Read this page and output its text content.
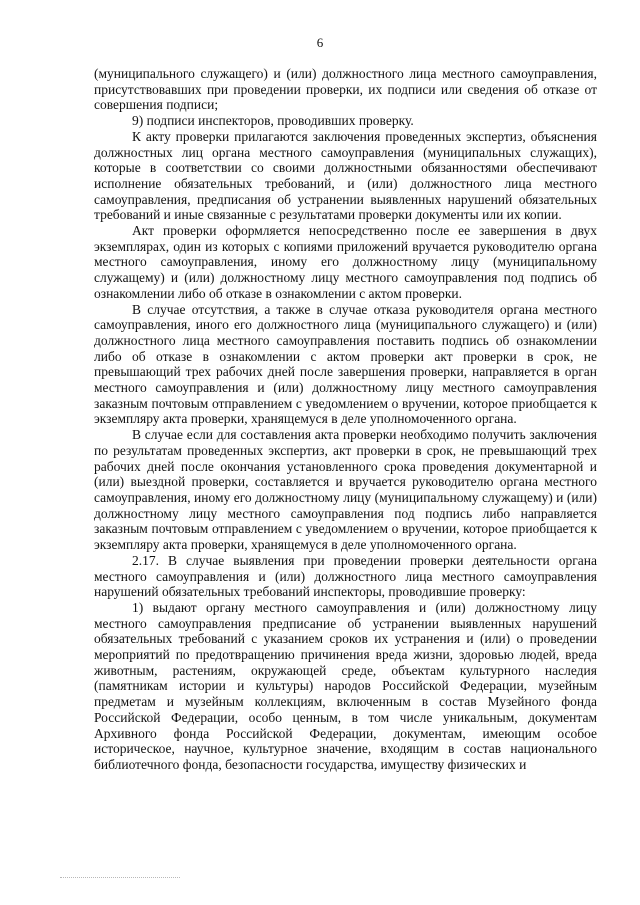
6

(муниципального служащего) и (или) должностного лица местного самоуправления, присутствовавших при проведении проверки, их подписи или сведения об отказе от совершения подписи;

9) подписи инспекторов, проводивших проверку.

К акту проверки прилагаются заключения проведенных экспертиз, объяснения должностных лиц органа местного самоуправления (муниципальных служащих), которые в соответствии со своими должностными обязанностями обеспечивают исполнение обязательных требований, и (или) должностного лица местного самоуправления, предписания об устранении выявленных нарушений обязательных требований и иные связанные с результатами проверки документы или их копии.

Акт проверки оформляется непосредственно после ее завершения в двух экземплярах, один из которых с копиями приложений вручается руководителю органа местного самоуправления, иному его должностному лицу (муниципальному служащему) и (или) должностному лицу местного самоуправления под подпись об ознакомлении либо об отказе в ознакомлении с актом проверки.

В случае отсутствия, а также в случае отказа руководителя органа местного самоуправления, иного его должностного лица (муниципального служащего) и (или) должностного лица местного самоуправления поставить подпись об ознакомлении либо об отказе в ознакомлении с актом проверки акт проверки в срок, не превышающий трех рабочих дней после завершения проверки, направляется в орган местного самоуправления и (или) должностному лицу местного самоуправления заказным почтовым отправлением с уведомлением о вручении, которое приобщается к экземпляру акта проверки, хранящемуся в деле уполномоченного органа.

В случае если для составления акта проверки необходимо получить заключения по результатам проведенных экспертиз, акт проверки в срок, не превышающий трех рабочих дней после окончания установленного срока проведения документарной и (или) выездной проверки, составляется и вручается руководителю органа местного самоуправления, иному его должностному лицу (муниципальному служащему) и (или) должностному лицу местного самоуправления под подпись либо направляется заказным почтовым отправлением с уведомлением о вручении, которое приобщается к экземпляру акта проверки, хранящемуся в деле уполномоченного органа.

2.17. В случае выявления при проведении проверки деятельности органа местного самоуправления и (или) должностного лица местного самоуправления нарушений обязательных требований инспекторы, проводившие проверку:

1) выдают органу местного самоуправления и (или) должностному лицу местного самоуправления предписание об устранении выявленных нарушений обязательных требований с указанием сроков их устранения и (или) о проведении мероприятий по предотвращению причинения вреда жизни, здоровью людей, вреда животным, растениям, окружающей среде, объектам культурного наследия (памятникам истории и культуры) народов Российской Федерации, музейным предметам и музейным коллекциям, включенным в состав Музейного фонда Российской Федерации, особо ценным, в том числе уникальным, документам Архивного фонда Российской Федерации, документам, имеющим особое историческое, научное, культурное значение, входящим в состав национального библиотечного фонда, безопасности государства, имуществу физических и
